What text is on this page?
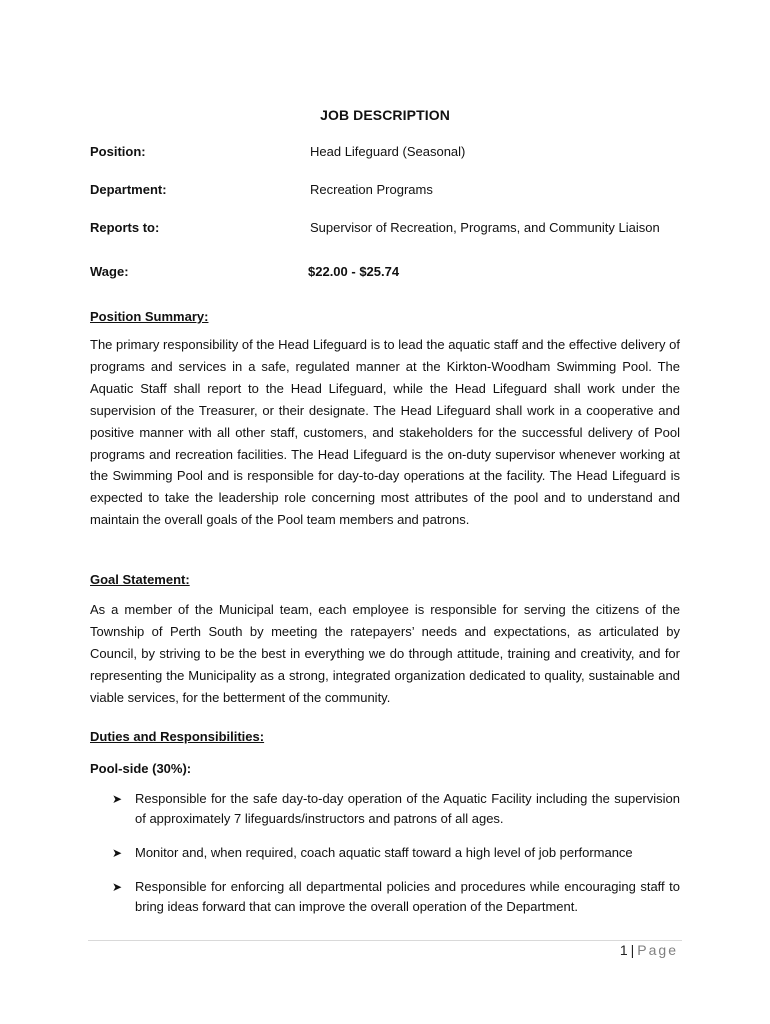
JOB DESCRIPTION
Position:	Head Lifeguard (Seasonal)
Department:	Recreation Programs
Reports to:	Supervisor of Recreation, Programs, and Community Liaison
Wage:	$22.00 - $25.74
Position Summary:

The primary responsibility of the Head Lifeguard is to lead the aquatic staff and the effective delivery of programs and services in a safe, regulated manner at the Kirkton-Woodham Swimming Pool. The Aquatic Staff shall report to the Head Lifeguard, while the Head Lifeguard shall work under the supervision of the Treasurer, or their designate. The Head Lifeguard shall work in a cooperative and positive manner with all other staff, customers, and stakeholders for the successful delivery of Pool programs and recreation facilities. The Head Lifeguard is the on-duty supervisor whenever working at the Swimming Pool and is responsible for day-to-day operations at the facility. The Head Lifeguard is expected to take the leadership role concerning most attributes of the pool and to understand and maintain the overall goals of the Pool team members and patrons.

Goal Statement:

As a member of the Municipal team, each employee is responsible for serving the citizens of the Township of Perth South by meeting the ratepayers’ needs and expectations, as articulated by Council, by striving to be the best in everything we do through attitude, training and creativity, and for representing the Municipality as a strong, integrated organization dedicated to quality, sustainable and viable services, for the betterment of the community.

Duties and Responsibilities:
Pool-side (30%):
➤ Responsible for the safe day-to-day operation of the Aquatic Facility including the supervision of approximately 7 lifeguards/instructors and patrons of all ages.
➤ Monitor and, when required, coach aquatic staff toward a high level of job performance
➤ Responsible for enforcing all departmental policies and procedures while encouraging staff to bring ideas forward that can improve the overall operation of the Department.
1 | Page
